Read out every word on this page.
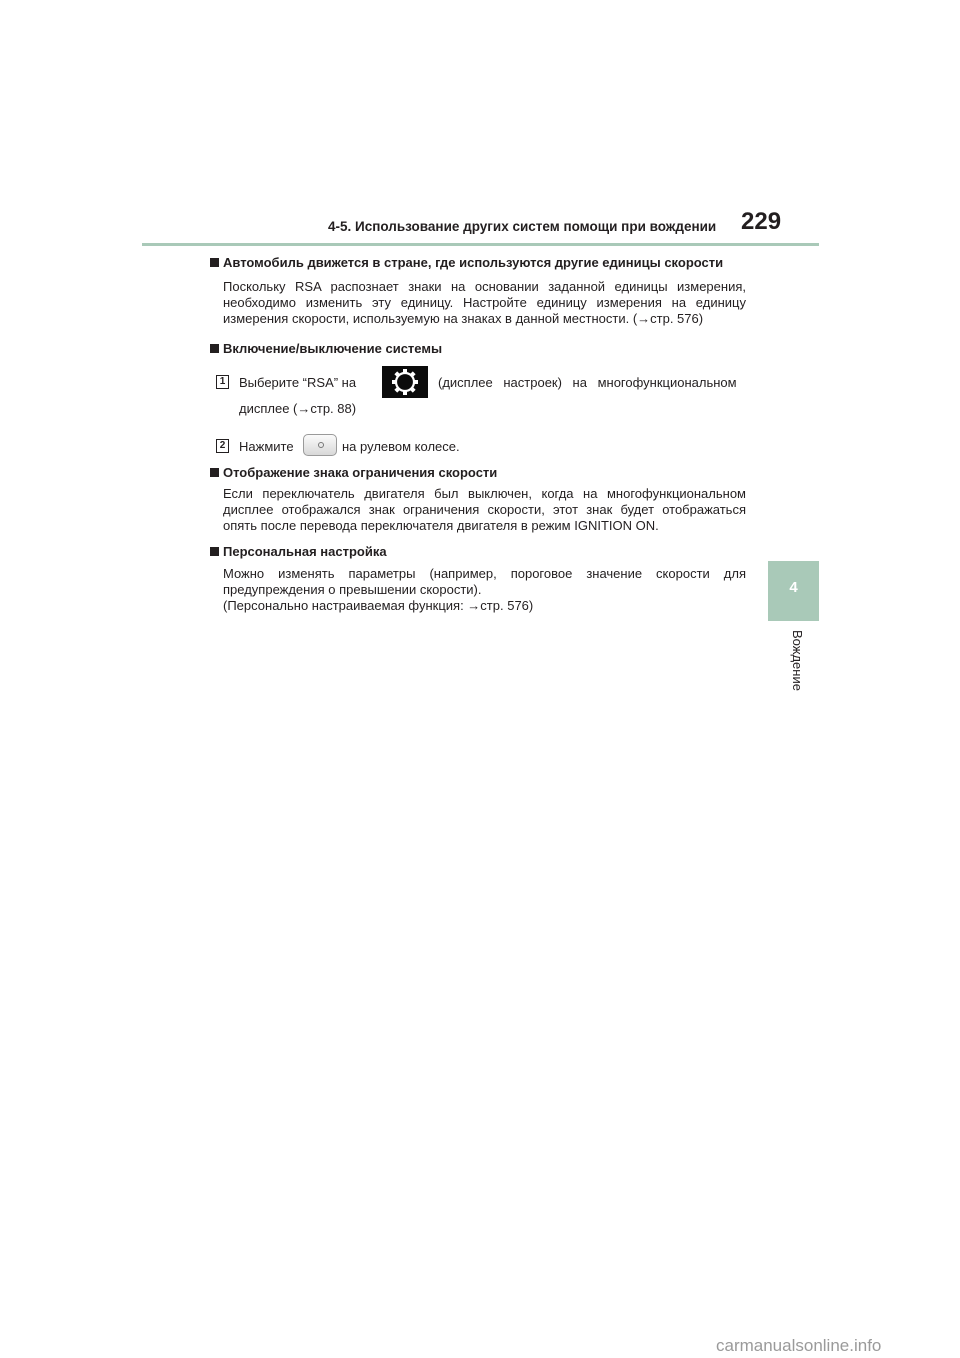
4-5. Использование других систем помощи при вождении 229
4
Вождение
Автомобиль движется в стране, где используются другие единицы скорости
Поскольку RSA распознает знаки на основании заданной единицы измерения, необходимо изменить эту единицу. Настройте единицу измерения на единицу измерения скорости, используемую на знаках в данной местности. (→стр. 576)
Включение/выключение системы
1 Выберите “RSA” на	(дисплее настроек) на многофункциональном
дисплее (→стр. 88)
2 Нажмите	на рулевом колесе.
Отображение знака ограничения скорости
Если переключатель двигателя был выключен, когда на многофункциональном дисплее отображался знак ограничения скорости, этот знак будет отображаться опять после перевода переключателя двигателя в режим IGNITION ON.
Персональная настройка
Можно изменять параметры (например, пороговое значение скорости для предупреждения о превышении скорости).
(Персонально настраиваемая функция: →стр. 576)
carmanualsonline.info
